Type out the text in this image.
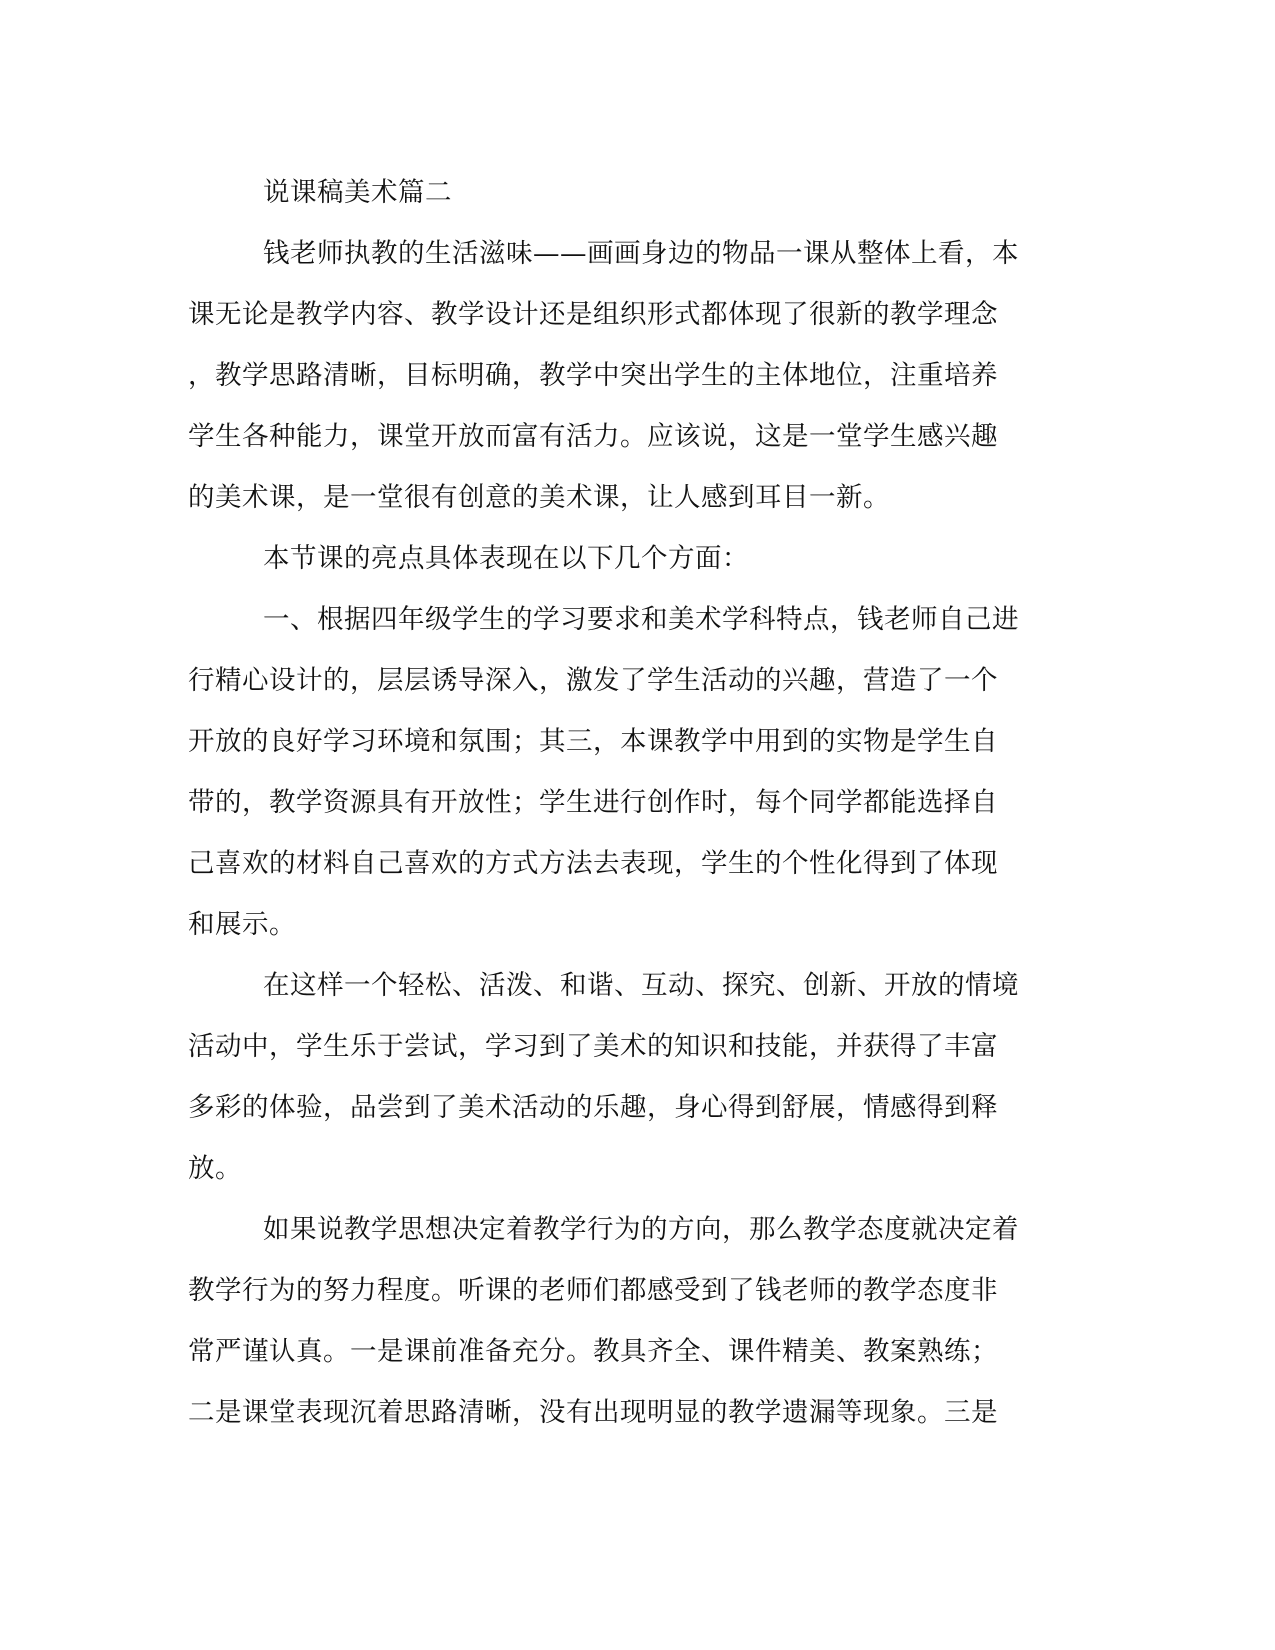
说课稿美术篇二
钱老师执教的生活滋味——画画身边的物品一课从整体上看，本
课无论是教学内容、教学设计还是组织形式都体现了很新的教学理念
，教学思路清晰，目标明确，教学中突出学生的主体地位，注重培养
学生各种能力，课堂开放而富有活力。应该说，这是一堂学生感兴趣
的美术课，是一堂很有创意的美术课，让人感到耳目一新。
本节课的亮点具体表现在以下几个方面：
一、根据四年级学生的学习要求和美术学科特点，钱老师自己进
行精心设计的，层层诱导深入，激发了学生活动的兴趣，营造了一个
开放的良好学习环境和氛围；其三，本课教学中用到的实物是学生自
带的，教学资源具有开放性；学生进行创作时，每个同学都能选择自
己喜欢的材料自己喜欢的方式方法去表现，学生的个性化得到了体现
和展示。
在这样一个轻松、活泼、和谐、互动、探究、创新、开放的情境
活动中，学生乐于尝试，学习到了美术的知识和技能，并获得了丰富
多彩的体验，品尝到了美术活动的乐趣，身心得到舒展，情感得到释
放。
如果说教学思想决定着教学行为的方向，那么教学态度就决定着
教学行为的努力程度。听课的老师们都感受到了钱老师的教学态度非
常严谨认真。一是课前准备充分。教具齐全、课件精美、教案熟练；
二是课堂表现沉着思路清晰，没有出现明显的教学遗漏等现象。三是
